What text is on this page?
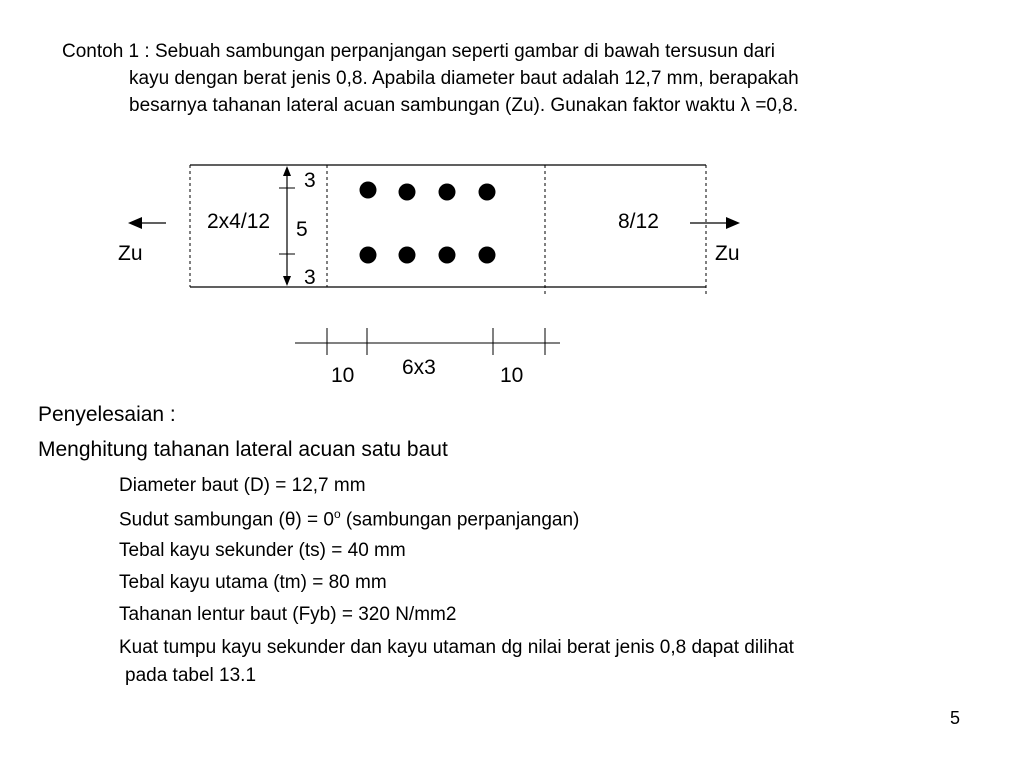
Contoh 1 : Sebuah sambungan perpanjangan seperti gambar di bawah tersusun dari
kayu dengan berat jenis 0,8. Apabila diameter baut adalah 12,7 mm, berapakah
besarnya tahanan lateral acuan sambungan (Zu). Gunakan faktor waktu λ =0,8.

3
5
3
2x4/12	8/12
Zu	Zu
10 6x3	10

Penyelesaian :

Menghitung tahanan lateral acuan satu baut

Diameter baut (D) = 12,7 mm

Sudut sambungan $(\theta) = 0^o$ (sambungan perpanjangan)

Tebal kayu sekunder (ts) = 40 mm

Tebal kayu utama (tm) = 80 mm

Tahanan lentur baut (Fyb) = 320 N/mm2

Kuat tumpu kayu sekunder dan kayu utaman dg nilai berat jenis 0,8 dapat dilihat

pada tabel 13.1

5
